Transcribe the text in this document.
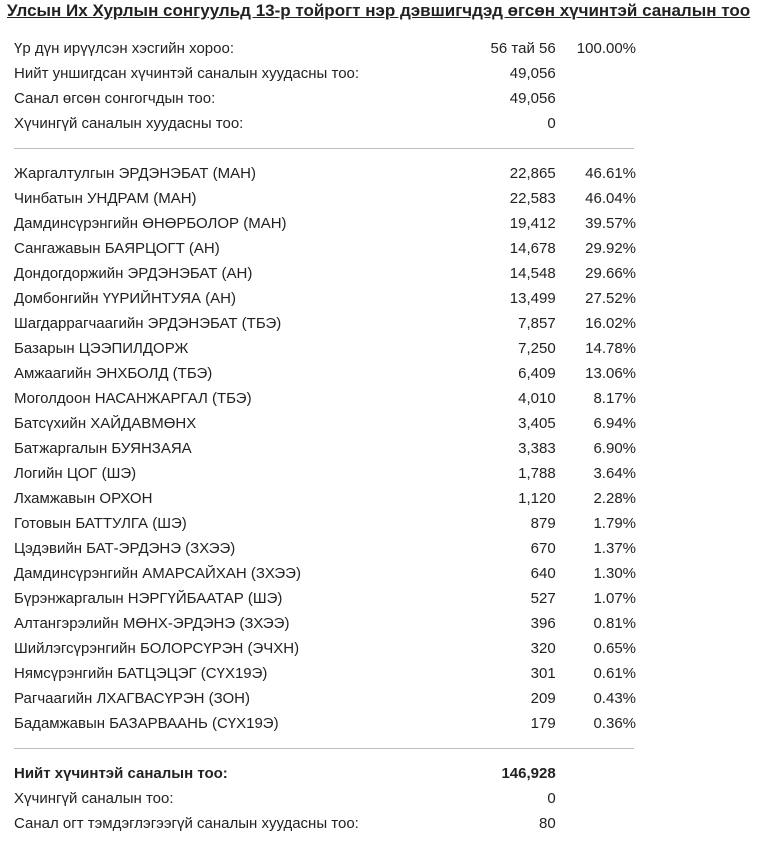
Улсын Их Хурлын сонгуульд 13-р тойрогт нэр дэвшигчдэд өгсөн хүчинтэй саналын тоо
Үр дүн ирүүлсэн хэсгийн хороо:	56 тай 56	100.00%
Нийт уншигдсан хүчинтэй саналын хуудасны тоо:	49,056
Санал өгсөн сонгогчдын тоо:	49,056
Хүчингүй саналын хуудасны тоо:	0
Жаргалтулгын ЭРДЭНЭБАТ (МАН)	22,865	46.61%
Чинбатын УНДРАМ (МАН)	22,583	46.04%
Дамдинсүрэнгийн ӨНӨРБОЛОР (МАН)	19,412	39.57%
Сангажавын БАЯРЦОГТ (АН)	14,678	29.92%
Дондогдоржийн ЭРДЭНЭБАТ (АН)	14,548	29.66%
Домбонгийн ҮҮРИЙНТУЯА (АН)	13,499	27.52%
Шагдаррагчаагийн ЭРДЭНЭБАТ (ТБЭ)	7,857	16.02%
Базарын ЦЭЭПИЛДОРЖ	7,250	14.78%
Амжаагийн ЭНХБОЛД (ТБЭ)	6,409	13.06%
Моголдоон НАСАНЖАРГАЛ (ТБЭ)	4,010	8.17%
Батсүхийн ХАЙДАВМӨНХ	3,405	6.94%
Батжаргалын БУЯНЗАЯА	3,383	6.90%
Логийн ЦОГ (ШЭ)	1,788	3.64%
Лхамжавын ОРХОН	1,120	2.28%
Готовын БАТТУЛГА (ШЭ)	879	1.79%
Цэдэвийн БАТ-ЭРДЭНЭ (ЗХЭЭ)	670	1.37%
Дамдинсүрэнгийн АМАРСАЙХАН (ЗХЭЭ)	640	1.30%
Бүрэнжаргалын НЭРГҮЙБААТАР (ШЭ)	527	1.07%
Алтангэрэлийн МӨНХ-ЭРДЭНЭ (ЗХЭЭ)	396	0.81%
Шийлэгсүрэнгийн БОЛОРСҮРЭН (ЭЧХН)	320	0.65%
Нямсүрэнгийн БАТЦЭЦЭГ (СҮХ19Э)	301	0.61%
Рагчаагийн ЛХАГВАСҮРЭН (ЗОН)	209	0.43%
Бадамжавын БАЗАРВААНЬ (СҮХ19Э)	179	0.36%
Нийт хүчинтэй саналын тоо:	146,928
Хүчингүй саналын тоо:	0
Санал огт тэмдэглэгээгүй саналын хуудасны тоо:	80
